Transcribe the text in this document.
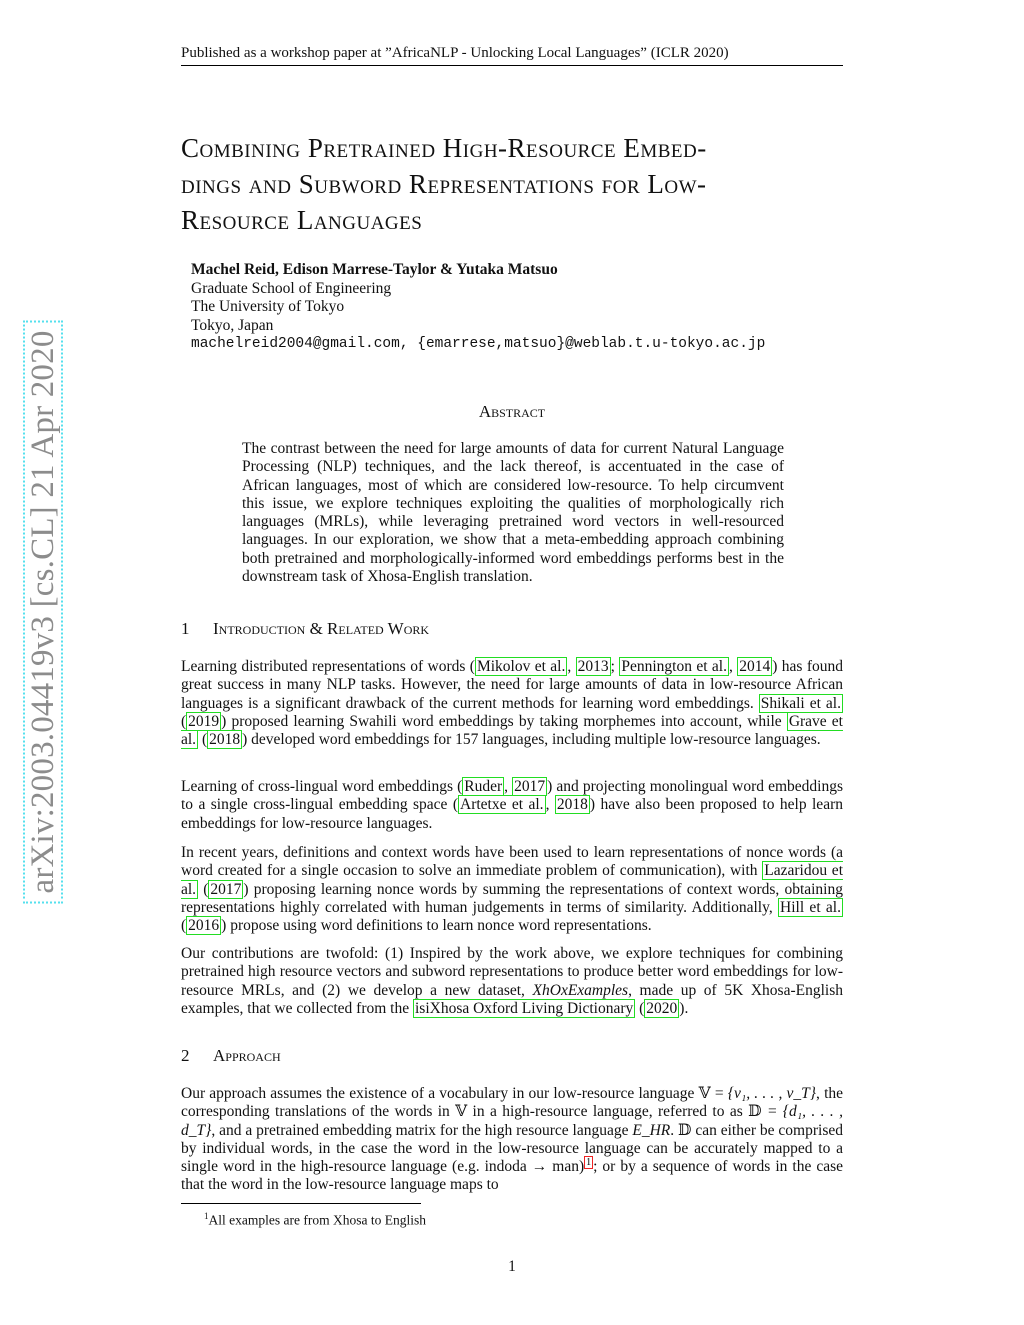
Published as a workshop paper at ”AfricaNLP - Unlocking Local Languages” (ICLR 2020)
arXiv:2003.04419v3 [cs.CL] 21 Apr 2020
Combining Pretrained High-Resource Embed-
dings and Subword Representations for Low-
Resource Languages
Machel Reid, Edison Marrese-Taylor & Yutaka Matsuo
Graduate School of Engineering
The University of Tokyo
Tokyo, Japan
machelreid2004@gmail.com, {emarrese,matsuo}@weblab.t.u-tokyo.ac.jp
Abstract
The contrast between the need for large amounts of data for current Natural Language Processing (NLP) techniques, and the lack thereof, is accentuated in the case of African languages, most of which are considered low-resource. To help circumvent this issue, we explore techniques exploiting the qualities of morphologically rich languages (MRLs), while leveraging pretrained word vectors in well-resourced languages. In our exploration, we show that a meta-embedding approach combining both pretrained and morphologically-informed word embeddings performs best in the downstream task of Xhosa-English translation.
1 Introduction & Related Work
Learning distributed representations of words ( Mikolov et al. , 2013 ; Pennington et al. , 2014 ) has found great success in many NLP tasks. However, the need for large amounts of data in low-resource African languages is a significant drawback of the current methods for learning word embeddings. Shikali et al. ( 2019 ) proposed learning Swahili word embeddings by taking morphemes into account, while Grave et al. ( 2018 ) developed word embeddings for 157 languages, including multiple low-resource languages.
Learning of cross-lingual word embeddings ( Ruder , 2017 ) and projecting monolingual word embeddings to a single cross-lingual embedding space ( Artetxe et al. , 2018 ) have also been proposed to help learn embeddings for low-resource languages.
In recent years, definitions and context words have been used to learn representations of nonce words (a word created for a single occasion to solve an immediate problem of communication), with Lazaridou et al. ( 2017 ) proposing learning nonce words by summing the representations of context words, obtaining representations highly correlated with human judgements in terms of similarity. Additionally, Hill et al. ( 2016 ) propose using word definitions to learn nonce word representations.
Our contributions are twofold: (1) Inspired by the work above, we explore techniques for combining pretrained high resource vectors and subword representations to produce better word embeddings for low-resource MRLs, and (2) we develop a new dataset, XhOxExamples, made up of 5K Xhosa-English examples, that we collected from the isiXhosa Oxford Living Dictionary ( 2020 ).
2 Approach
Our approach assumes the existence of a vocabulary in our low-resource language 𝕍 = {v₁, . . . , v_T}, the corresponding translations of the words in 𝕍 in a high-resource language, referred to as 𝔻 = {d₁, . . . , d_T}, and a pretrained embedding matrix for the high resource language E_HR. 𝔻 can either be comprised by individual words, in the case the word in the low-resource language can be accurately mapped to a single word in the high-resource language (e.g. indoda → man) $^1$ ; or by a sequence of words in the case that the word in the low-resource language maps to
$^1$All examples are from Xhosa to English
1
